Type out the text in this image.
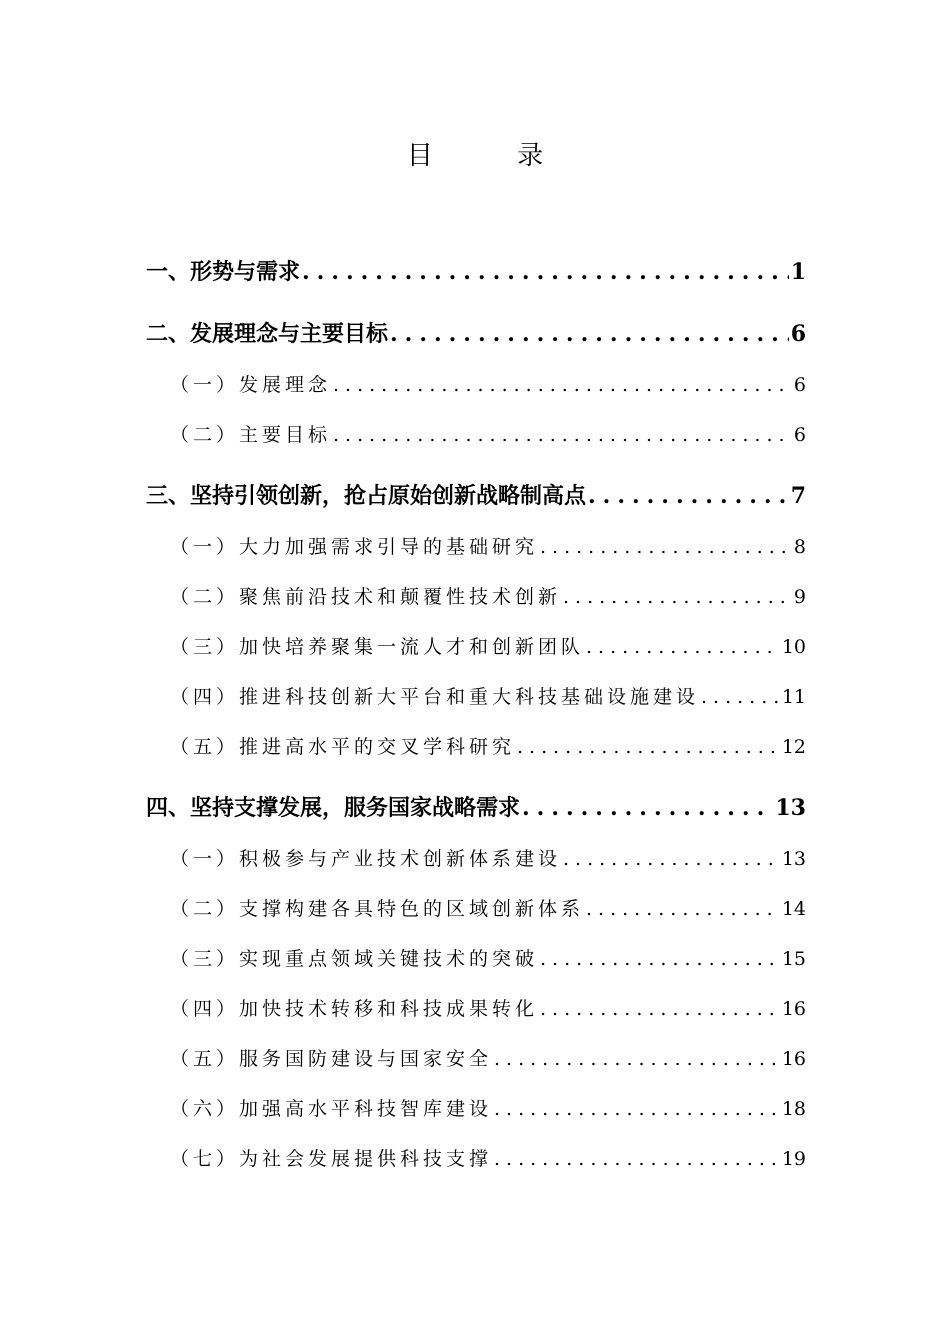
目 录
一、形势与需求 .....	1
二、发展理念与主要目标 .....	6
（一）发展理念 .....	6
（二）主要目标 .....	6
三、坚持引领创新，抢占原始创新战略制高点 .....	7
（一）大力加强需求引导的基础研究 .....	8
（二）聚焦前沿技术和颠覆性技术创新 .....	9
（三）加快培养聚集一流人才和创新团队 .....	10
（四）推进科技创新大平台和重大科技基础设施建设 .....	11
（五）推进高水平的交叉学科研究 .....	12
四、坚持支撑发展，服务国家战略需求 .....	13
（一）积极参与产业技术创新体系建设 .....	13
（二）支撑构建各具特色的区域创新体系 .....	14
（三）实现重点领域关键技术的突破 .....	15
（四）加快技术转移和科技成果转化 .....	16
（五）服务国防建设与国家安全 .....	16
（六）加强高水平科技智库建设 .....	18
（七）为社会发展提供科技支撑 .....	19
